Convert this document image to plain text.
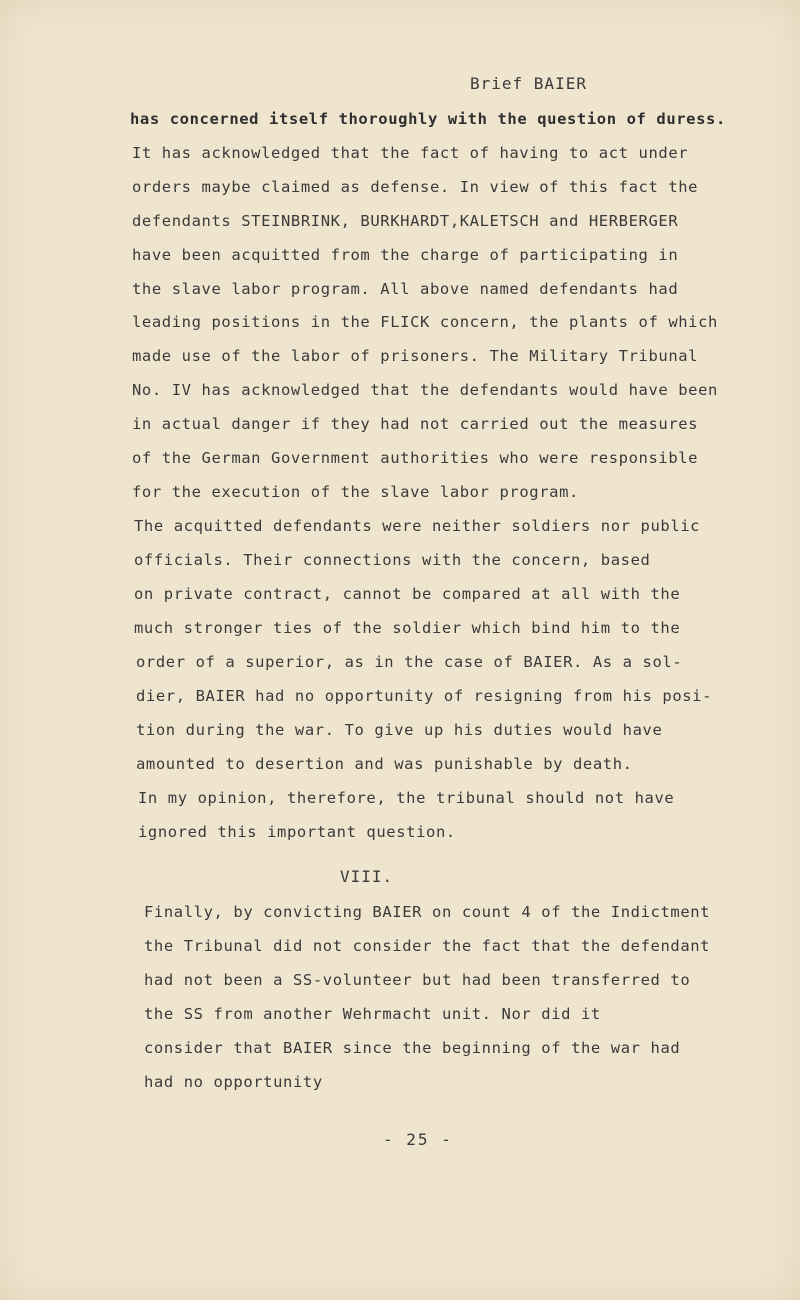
Brief BAIER
has concerned itself thoroughly with the question of duress.
It has acknowledged that the fact of having to act under
orders maybe claimed as defense. In view of this fact the
defendants STEINBRINK, BURKHARDT,KALETSCH and HERBERGER
have been acquitted from the charge of participating in
the slave labor program. All above named defendants had
leading positions in the FLICK concern, the plants of which
made use of the labor of prisoners. The Military Tribunal
No. IV has acknowledged that the defendants would have been
in actual danger if they had not carried out the measures
of the German Government authorities who were responsible
for the execution of the slave labor program.
The acquitted defendants were neither soldiers nor public
officials. Their connections with the concern, based
on private contract, cannot be compared at all with the
much stronger ties of the soldier which bind him to the
order of a superior, as in the case of BAIER. As a sol-
dier, BAIER had no opportunity of resigning from his posi-
tion during the war. To give up his duties would have
amounted to desertion and was punishable by death.
In my opinion, therefore, the tribunal should not have
ignored this important question.
VIII.
Finally, by convicting BAIER on count 4 of the Indictment
the Tribunal did not consider the fact that the defendant
had not been a SS-volunteer but had been transferred to
the SS from another Wehrmacht unit. Nor did it
consider that BAIER since the beginning of the war had
had no opportunity
- 25 -
